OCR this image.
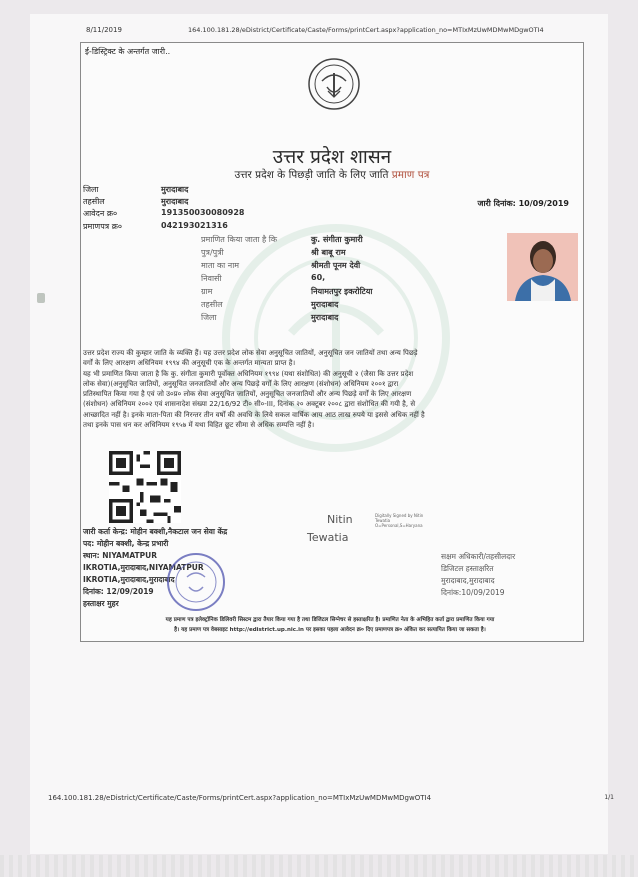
8/11/2019	164.100.181.28/eDistrict/Certificate/Caste/Forms/printCert.aspx?application_no=MTIxMzUwMDMwMDgwOTI4
ई-डिस्ट्रिक्ट के अन्तर्गत जारी..
उत्तर प्रदेश शासन
उत्तर प्रदेश के पिछड़ी जाति के लिए जाति प्रमाण पत्र
जिला	मुरादाबाद
तहसील	मुरादाबाद
आवेदन क्र०	191350030080928
प्रमाणपत्र क्र०	042193021316
जारी दिनांक: 10/09/2019
प्रमाणित किया जाता है कि	कु. संगीता कुमारी
पुत्र/पुत्री	श्री बाबू राम
माता का नाम	श्रीमती पूनम देवी
निवासी	60,
ग्राम	नियामतपुर इकरोटिया
तहसील	मुरादाबाद
जिला	मुरादाबाद
उत्तर प्रदेश राज्य की कुम्हार जाति के व्यक्ति हैं। यह उत्तर प्रदेश लोक सेवा अनुसूचित जातियों, अनुसूचित जन जातियों तथा अन्य पिछड़े
वर्गों के लिए आरक्षण अधिनियम १९९४ की अनुसूची एक के अन्तर्गत मान्यता प्राप्त है।
यह भी प्रमाणित किया जाता है कि कु. संगीता कुमारी पूर्वोक्त अधिनियम १९९४ (यथा संशोधित) की अनुसूची २ (जैसा कि उत्तर प्रदेश
लोक सेवा)(अनुसूचित जातियों, अनुसूचित जनजातियों और अन्य पिछड़े वर्गों के लिए आरक्षण (संशोधन) अधिनियम २००१ द्वारा
प्रतिस्थापित किया गया है एवं जो उ०प्र० लोक सेवा अनुसूचित जातियों, अनुसूचित जनजातियों और अन्य पिछड़े वर्गों के लिए आरक्षण
(संशोधन) अधिनियम २००२ एवं शासनादेश संख्या 22/16/92 टी० सी०-III, दिनांक २० अक्टूबर २००८ द्वारा संशोधित की गयी है, से
आच्छादित नहीं है। इनके माता-पिता की निरन्तर तीन वर्षों की अवधि के लिये सकल वार्षिक आय आठ लाख रुपये या इससे अधिक नहीं है
तथा इनके पास धन कर अधिनियम १९५७ में यथा विहित छूट सीमा से अधिक सम्पत्ति नहीं है।
जारी कर्ता केन्द्र: मोहीन बक्शी,नैकटाल जन सेवा केंद्र
पद: मोहीन बक्शी, केन्द्र प्रभारी
स्थान: NIYAMATPUR
IKROTIA,मुरादाबाद,NIYAMATPUR
IKROTIA,मुरादाबाद,मुरादाबाद
दिनांक: 12/09/2019
हस्ताक्षर मुहर
Nitin
Tewatia
Digitally Signed by Nitin Tewatia O=Personal,S=Haryana
सक्षम अधिकारी/तहसीलदार
डिजिटल हस्ताक्षरित
मुरादाबाद,मुरादाबाद
दिनांक:10/09/2019
यह प्रमाण पत्र इलेक्ट्रॉनिक डिलिवरी सिस्टम द्वारा तैयार किया गया है तथा डिजिटल सिग्नेचर से हस्ताक्षरित है। प्रमाणित नेता के अभिहित कर्ता द्वारा प्रमाणित किया गया
है। यह प्रमाण पत्र वेबसाइट http://edistrict.up.nic.in पर इसका पहला आवेदन क्र० दिए प्रमाणपत्र क्र० अंकित कर सत्यापित किया जा सकता है।
164.100.181.28/eDistrict/Certificate/Caste/Forms/printCert.aspx?application_no=MTIxMzUwMDMwMDgwOTI4	1/1
